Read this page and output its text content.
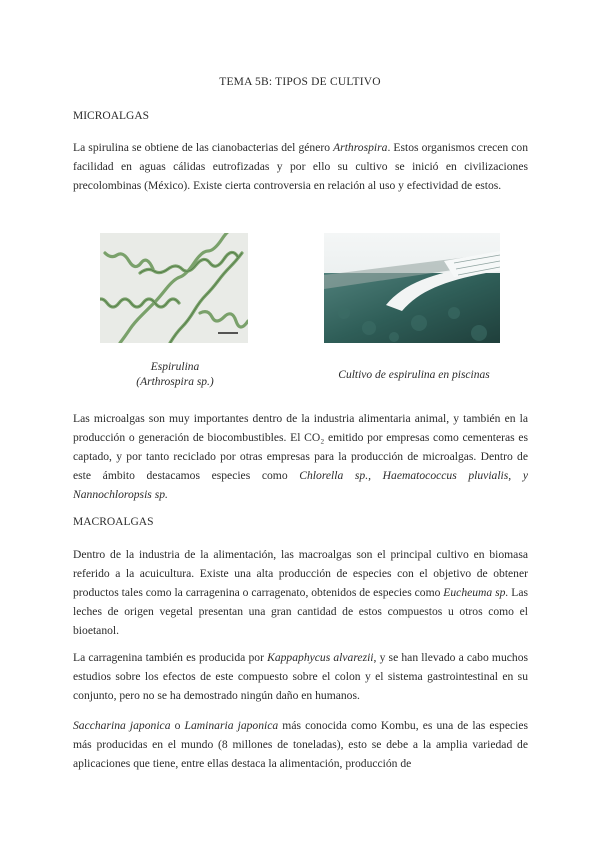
TEMA 5B: TIPOS DE CULTIVO
MICROALGAS
La spirulina se obtiene de las cianobacterias del género Arthrospira. Estos organismos crecen con facilidad en aguas cálidas eutrofizadas y por ello su cultivo se inició en civilizaciones precolombinas (México). Existe cierta controversia en relación al uso y efectividad de estos.
Espirulina
(Arthrospira sp.)
Cultivo de espirulina en piscinas
Las microalgas son muy importantes dentro de la industria alimentaria animal, y también en la producción o generación de biocombustibles. El CO₂ emitido por empresas como cementeras es captado, y por tanto reciclado por otras empresas para la producción de microalgas. Dentro de este ámbito destacamos especies como Chlorella sp., Haematococcus pluvialis, y Nannochloropsis sp.
MACROALGAS
Dentro de la industria de la alimentación, las macroalgas son el principal cultivo en biomasa referido a la acuicultura. Existe una alta producción de especies con el objetivo de obtener productos tales como la carragenina o carragenato, obtenidos de especies como Eucheuma sp. Las leches de origen vegetal presentan una gran cantidad de estos compuestos u otros como el bioetanol.
La carragenina también es producida por Kappaphycus alvarezii, y se han llevado a cabo muchos estudios sobre los efectos de este compuesto sobre el colon y el sistema gastrointestinal en su conjunto, pero no se ha demostrado ningún daño en humanos.
Saccharina japonica o Laminaria japonica más conocida como Kombu, es una de las especies más producidas en el mundo (8 millones de toneladas), esto se debe a la amplia variedad de aplicaciones que tiene, entre ellas destaca la alimentación, producción de
